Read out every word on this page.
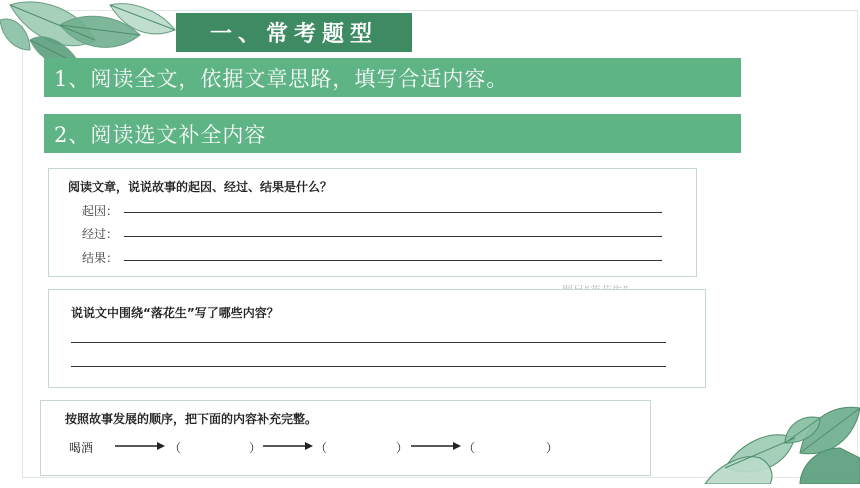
一、常考题型
1、阅读全文，依据文章思路，填写合适内容。
2、阅读选文补全内容
阅读文章，说说故事的起因、经过、结果是什么？
起因：
经过：
结果：
说说文中围绕“落花生”写了哪些内容？
按照故事发展的顺序，把下面的内容补充完整。
喝酒	（	）	（	）	（	）
